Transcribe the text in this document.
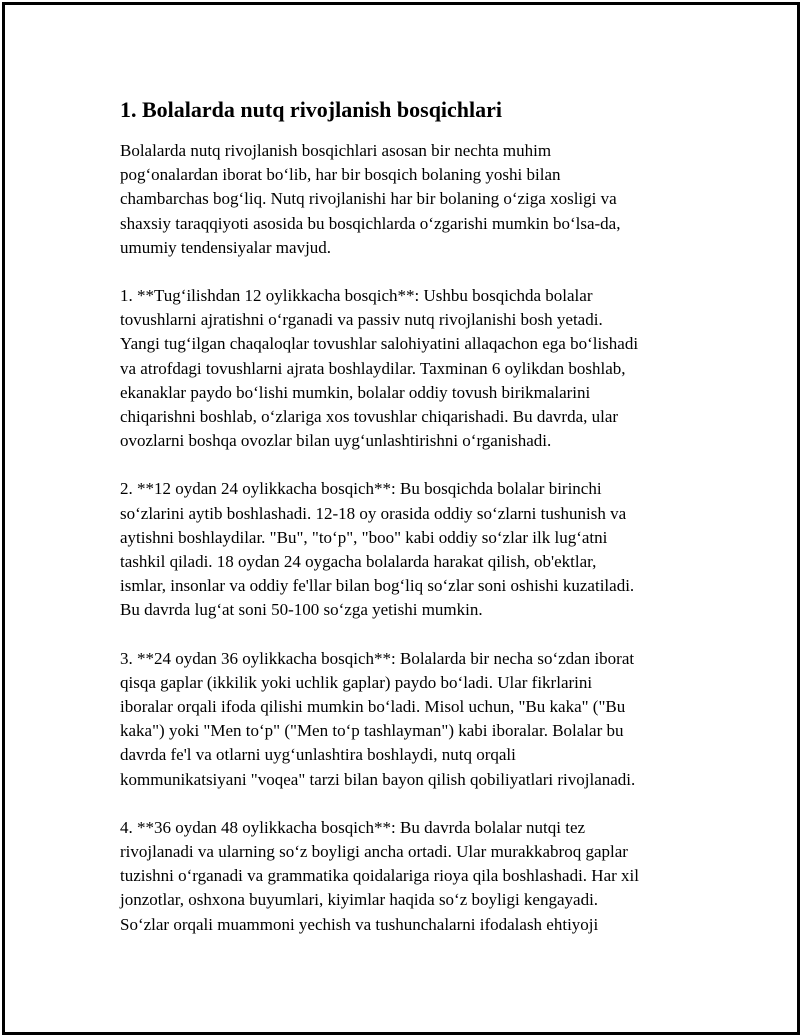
1. Bolalarda nutq rivojlanish bosqichlari

Bolalarda nutq rivojlanish bosqichlari asosan bir nechta muhim
pog‘onalardan iborat bo‘lib, har bir bosqich bolaning yoshi bilan
chambarchas bog‘liq. Nutq rivojlanishi har bir bolaning o‘ziga xosligi va
shaxsiy taraqqiyoti asosida bu bosqichlarda o‘zgarishi mumkin bo‘lsa-da,
umumiy tendensiyalar mavjud.

1. **Tug‘ilishdan 12 oylikkacha bosqich**: Ushbu bosqichda bolalar
tovushlarni ajratishni o‘rganadi va passiv nutq rivojlanishi bosh yetadi.
Yangi tug‘ilgan chaqaloqlar tovushlar salohiyatini allaqachon ega bo‘lishadi
va atrofdagi tovushlarni ajrata boshlaydilar. Taxminan 6 oylikdan boshlab,
ekanaklar paydo bo‘lishi mumkin, bolalar oddiy tovush birikmalarini
chiqarishni boshlab, o‘zlariga xos tovushlar chiqarishadi. Bu davrda, ular
ovozlarni boshqa ovozlar bilan uyg‘unlashtirishni o‘rganishadi.

2. **12 oydan 24 oylikkacha bosqich**: Bu bosqichda bolalar birinchi
so‘zlarini aytib boshlashadi. 12-18 oy orasida oddiy so‘zlarni tushunish va
aytishni boshlaydilar. "Bu", "to‘p", "boo" kabi oddiy so‘zlar ilk lug‘atni
tashkil qiladi. 18 oydan 24 oygacha bolalarda harakat qilish, ob'ektlar,
ismlar, insonlar va oddiy fe'llar bilan bog‘liq so‘zlar soni oshishi kuzatiladi.
Bu davrda lug‘at soni 50-100 so‘zga yetishi mumkin.

3. **24 oydan 36 oylikkacha bosqich**: Bolalarda bir necha so‘zdan iborat
qisqa gaplar (ikkilik yoki uchlik gaplar) paydo bo‘ladi. Ular fikrlarini
iboralar orqali ifoda qilishi mumkin bo‘ladi. Misol uchun, "Bu kaka" ("Bu
kaka") yoki "Men to‘p" ("Men to‘p tashlayman") kabi iboralar. Bolalar bu
davrda fe'l va otlarni uyg‘unlashtira boshlaydi, nutq orqali
kommunikatsiyani "voqea" tarzi bilan bayon qilish qobiliyatlari rivojlanadi.

4. **36 oydan 48 oylikkacha bosqich**: Bu davrda bolalar nutqi tez
rivojlanadi va ularning so‘z boyligi ancha ortadi. Ular murakkabroq gaplar
tuzishni o‘rganadi va grammatika qoidalariga rioya qila boshlashadi. Har xil
jonzotlar, oshxona buyumlari, kiyimlar haqida so‘z boyligi kengayadi.
So‘zlar orqali muammoni yechish va tushunchalarni ifodalash ehtiyoji
